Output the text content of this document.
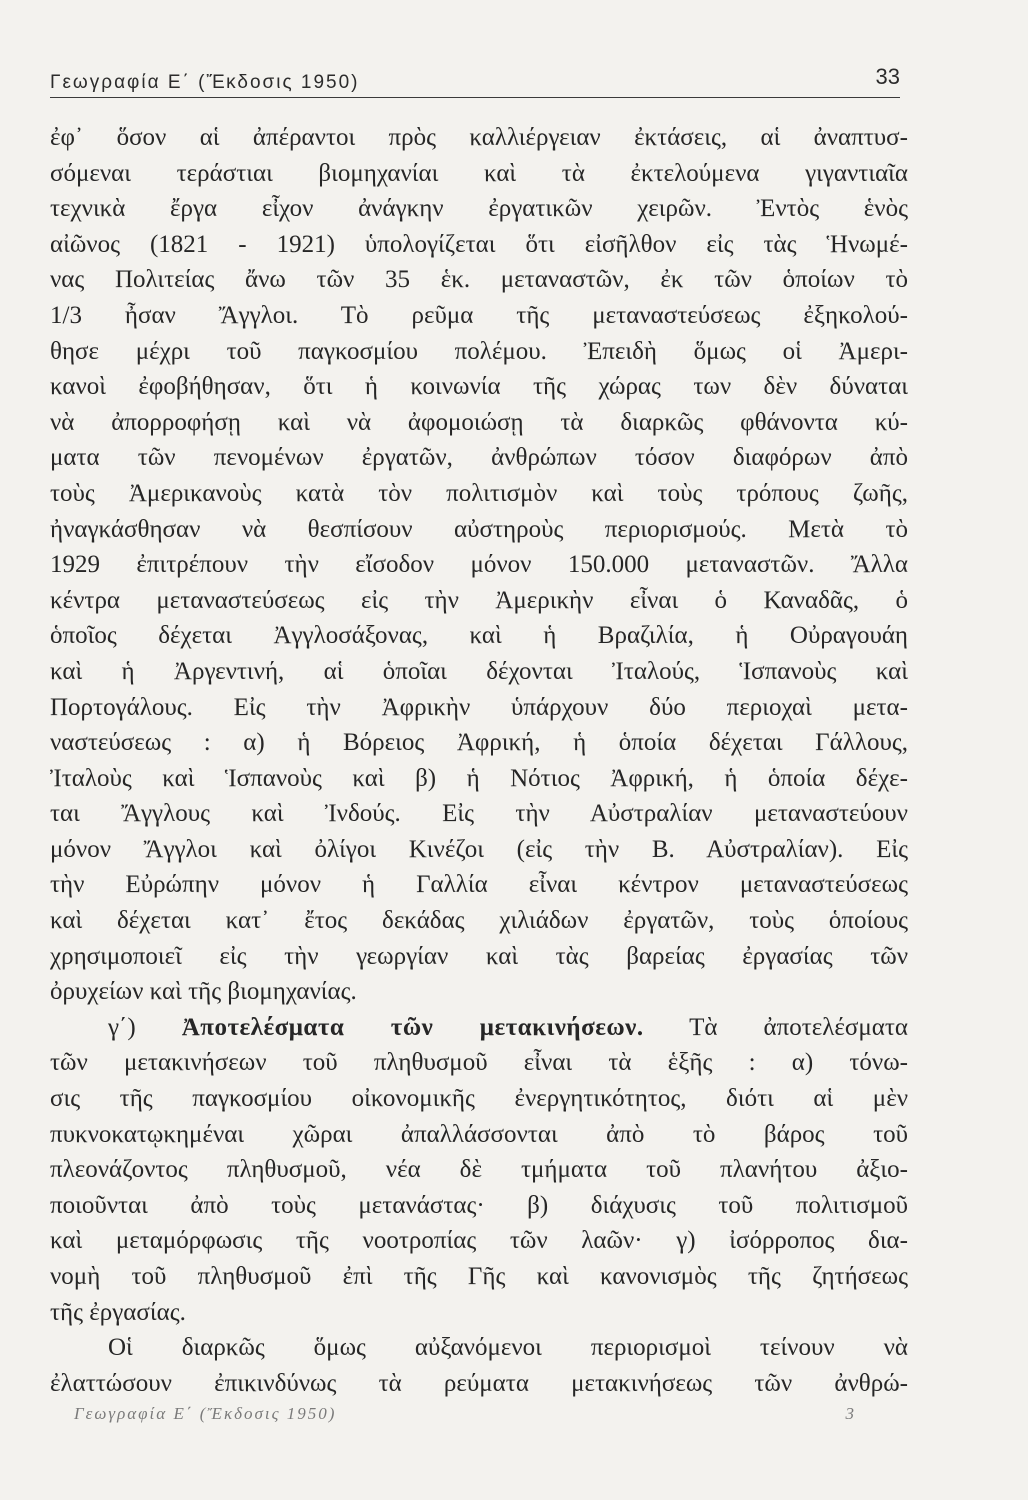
Γεωγραφία Ε΄ (Ἔκδοσις 1950)	33
ἐφ᾽ ὅσον αἱ ἀπέραντοι πρὸς καλλιέργειαν ἐκτάσεις, αἱ ἀναπτυσ-
σόμεναι τεράστιαι βιομηχανίαι καὶ τὰ ἐκτελούμενα γιγαντιαῖα
τεχνικὰ ἔργα εἶχον ἀνάγκην ἐργατικῶν χειρῶν. Ἐντὸς ἑνὸς
αἰῶνος (1821 - 1921) ὑπολογίζεται ὅτι εἰσῆλθον εἰς τὰς Ἡνωμέ-
νας Πολιτείας ἄνω τῶν 35 ἑκ. μεταναστῶν, ἐκ τῶν ὁποίων τὸ
1/3 ἦσαν Ἄγγλοι. Τὸ ρεῦμα τῆς μεταναστεύσεως ἐξηκολού-
θησε μέχρι τοῦ παγκοσμίου πολέμου. Ἐπειδὴ ὅμως οἱ Ἀμερι-
κανοὶ ἐφοβήθησαν, ὅτι ἡ κοινωνία τῆς χώρας των δὲν δύναται
νὰ ἀπορροφήσῃ καὶ νὰ ἀφομοιώσῃ τὰ διαρκῶς φθάνοντα κύ-
ματα τῶν πενομένων ἐργατῶν, ἀνθρώπων τόσον διαφόρων ἀπὸ
τοὺς Ἀμερικανοὺς κατὰ τὸν πολιτισμὸν καὶ τοὺς τρόπους ζωῆς,
ἠναγκάσθησαν νὰ θεσπίσουν αὐστηροὺς περιορισμούς. Μετὰ τὸ
1929 ἐπιτρέπουν τὴν εἴσοδον μόνον 150.000 μεταναστῶν. Ἄλλα
κέντρα μεταναστεύσεως εἰς τὴν Ἀμερικὴν εἶναι ὁ Καναδᾶς, ὁ
ὁποῖος δέχεται Ἀγγλοσάξονας, καὶ ἡ Βραζιλία, ἡ Οὐραγουάη
καὶ ἡ Ἀργεντινή, αἱ ὁποῖαι δέχονται Ἰταλούς, Ἱσπανοὺς καὶ
Πορτογάλους. Εἰς τὴν Ἀφρικὴν ὑπάρχουν δύο περιοχαὶ μετα-
ναστεύσεως : α) ἡ Βόρειος Ἀφρική, ἡ ὁποία δέχεται Γάλλους,
Ἰταλοὺς καὶ Ἱσπανοὺς καὶ β) ἡ Νότιος Ἀφρική, ἡ ὁποία δέχε-
ται Ἄγγλους καὶ Ἰνδούς. Εἰς τὴν Αὐστραλίαν μεταναστεύουν
μόνον Ἄγγλοι καὶ ὀλίγοι Κινέζοι (εἰς τὴν Β. Αὐστραλίαν). Εἰς
τὴν Εὐρώπην μόνον ἡ Γαλλία εἶναι κέντρον μεταναστεύσεως
καὶ δέχεται κατ᾽ ἔτος δεκάδας χιλιάδων ἐργατῶν, τοὺς ὁποίους
χρησιμοποιεῖ εἰς τὴν γεωργίαν καὶ τὰς βαρείας ἐργασίας τῶν
ὀρυχείων καὶ τῆς βιομηχανίας.
γ΄) Ἀποτελέσματα τῶν μετακινήσεων. Τὰ ἀποτελέσματα
τῶν μετακινήσεων τοῦ πληθυσμοῦ εἶναι τὰ ἑξῆς : α) τόνω-
σις τῆς παγκοσμίου οἰκονομικῆς ἐνεργητικότητος, διότι αἱ μὲν
πυκνοκατῳκημέναι χῶραι ἀπαλλάσσονται ἀπὸ τὸ βάρος τοῦ
πλεονάζοντος πληθυσμοῦ, νέα δὲ τμήματα τοῦ πλανήτου ἀξιο-
ποιοῦνται ἀπὸ τοὺς μετανάστας· β) διάχυσις τοῦ πολιτισμοῦ
καὶ μεταμόρφωσις τῆς νοοτροπίας τῶν λαῶν· γ) ἰσόρροπος δια-
νομὴ τοῦ πληθυσμοῦ ἐπὶ τῆς Γῆς καὶ κανονισμὸς τῆς ζητήσεως
τῆς ἐργασίας.
Οἱ διαρκῶς ὅμως αὐξανόμενοι περιορισμοὶ τείνουν νὰ
ἐλαττώσουν ἐπικινδύνως τὰ ρεύματα μετακινήσεως τῶν ἀνθρώ-
Γεωγραφία Ε΄ (Ἔκδοσις 1950)	3
